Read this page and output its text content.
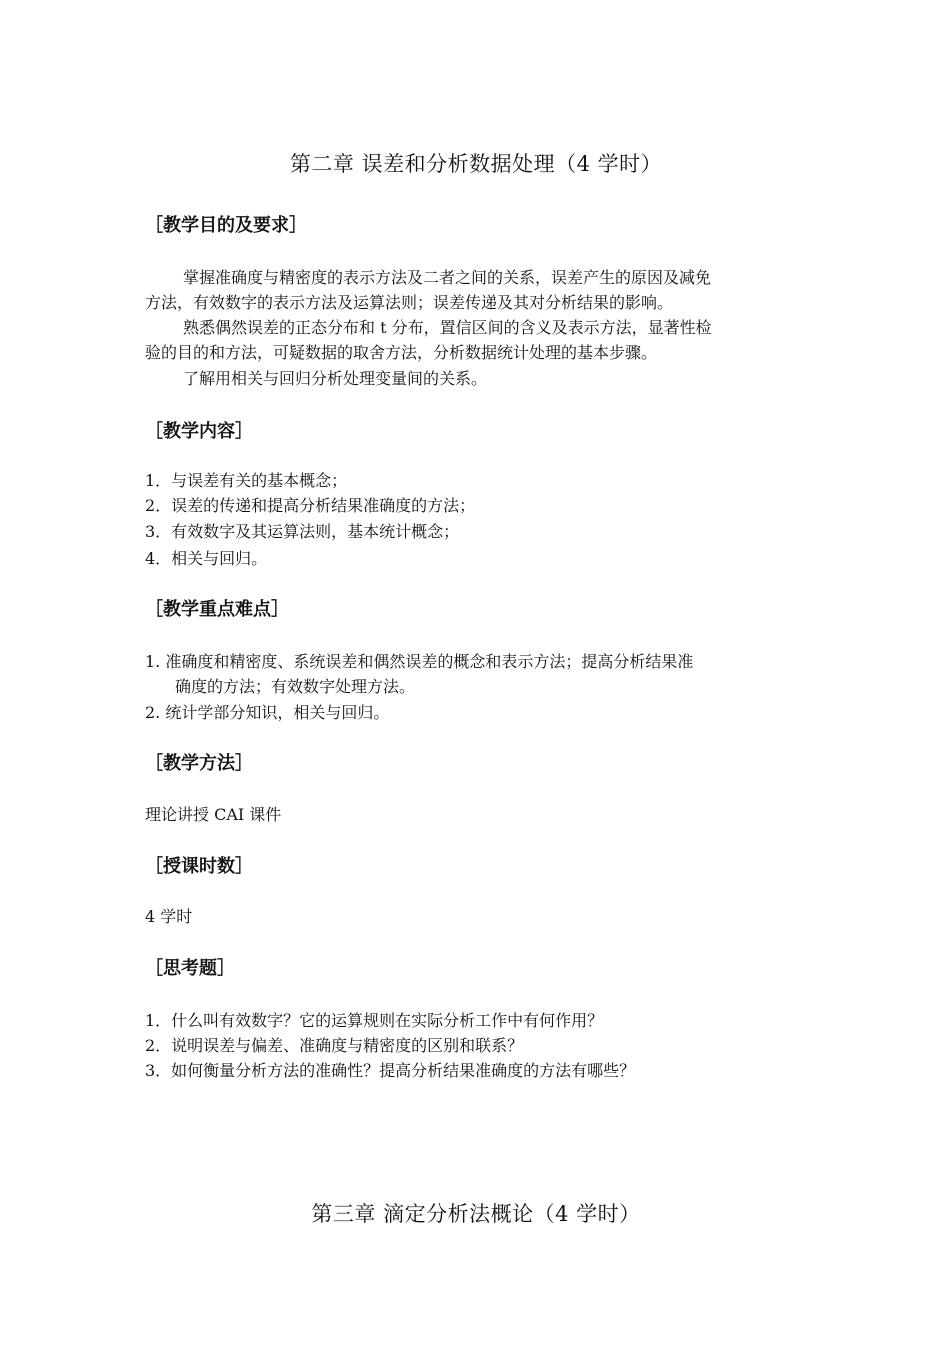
第二章 误差和分析数据处理（4 学时）
［教学目的及要求］
掌握准确度与精密度的表示方法及二者之间的关系，误差产生的原因及减免
方法，有效数字的表示方法及运算法则；误差传递及其对分析结果的影响。
熟悉偶然误差的正态分布和 t 分布，置信区间的含义及表示方法，显著性检
验的目的和方法，可疑数据的取舍方法，分析数据统计处理的基本步骤。
了解用相关与回归分析处理变量间的关系。
［教学内容］
1．与误差有关的基本概念；
2．误差的传递和提高分析结果准确度的方法；
3．有效数字及其运算法则，基本统计概念；
4．相关与回归。
［教学重点难点］
1. 准确度和精密度、系统误差和偶然误差的概念和表示方法；提高分析结果准
确度的方法；有效数字处理方法。
2. 统计学部分知识，相关与回归。
［教学方法］
理论讲授 CAI 课件
［授课时数］
4 学时
［思考题］
1．什么叫有效数字？它的运算规则在实际分析工作中有何作用？
2．说明误差与偏差、准确度与精密度的区别和联系？
3．如何衡量分析方法的准确性？提高分析结果准确度的方法有哪些？
第三章 滴定分析法概论（4 学时）
